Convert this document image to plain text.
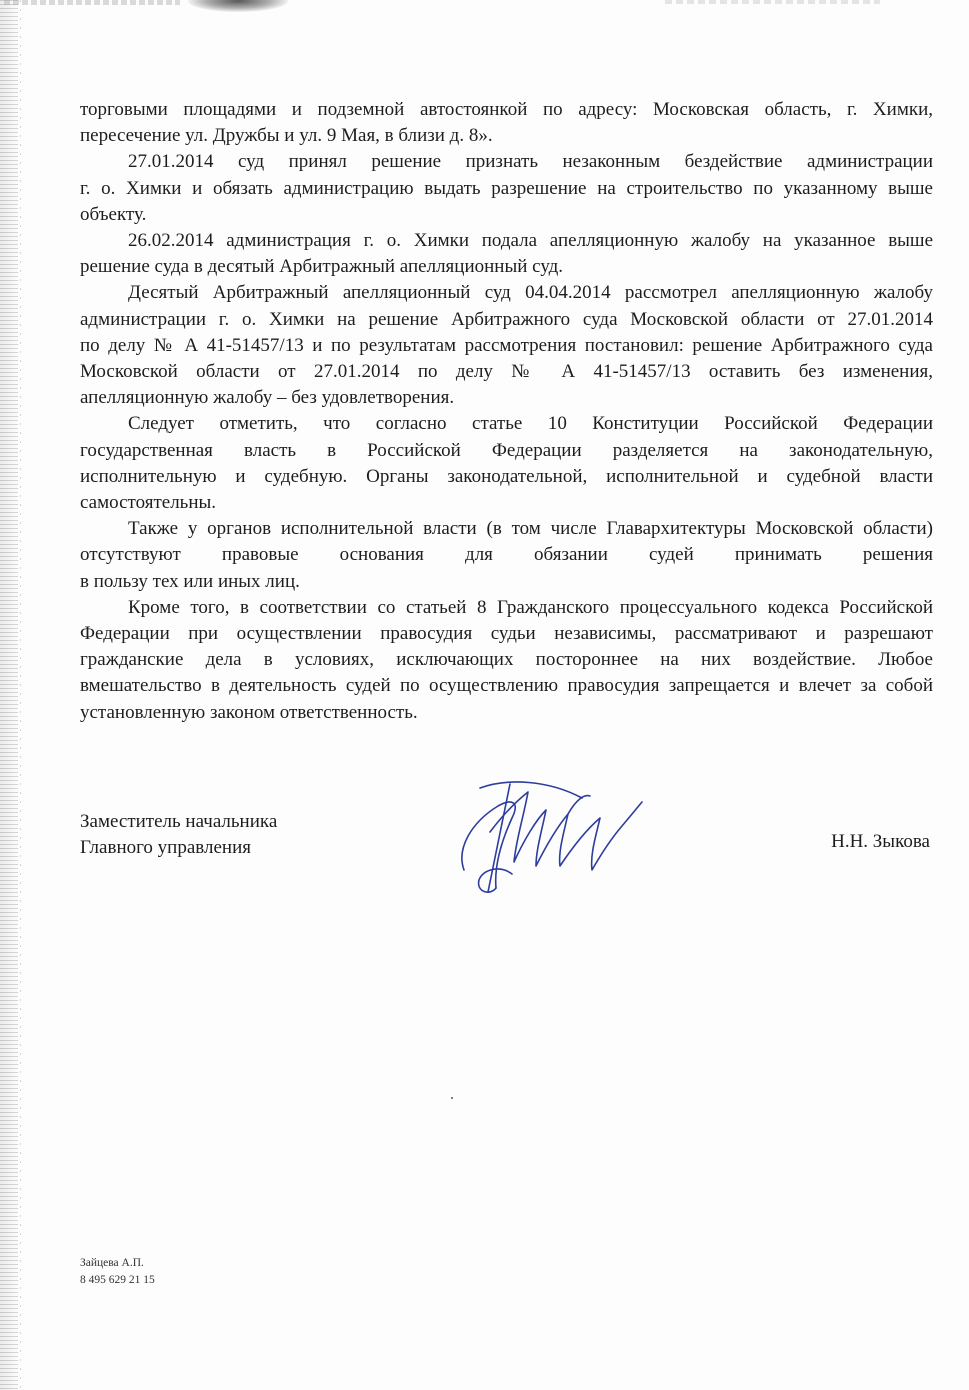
торговыми площадями и подземной автостоянкой по адресу: Московская область, г. Химки,
пересечение ул. Дружбы и ул. 9 Мая, в близи д. 8».
27.01.2014 суд принял решение признать незаконным бездействие администрации
г. о. Химки и обязать администрацию выдать разрешение на строительство по указанному выше
объекту.
26.02.2014 администрация г. о. Химки подала апелляционную жалобу на указанное выше
решение суда в десятый Арбитражный апелляционный суд.
Десятый Арбитражный апелляционный суд 04.04.2014 рассмотрел апелляционную жалобу
администрации г. о. Химки на решение Арбитражного суда Московской области от 27.01.2014
по делу № А 41-51457/13 и по результатам рассмотрения постановил: решение Арбитражного суда
Московской области от 27.01.2014 по делу № А 41-51457/13 оставить без изменения,
апелляционную жалобу – без удовлетворения.
Следует отметить, что согласно статье 10 Конституции Российской Федерации
государственная власть в Российской Федерации разделяется на законодательную,
исполнительную и судебную. Органы законодательной, исполнительной и судебной власти
самостоятельны.
Также у органов исполнительной власти (в том числе Главархитектуры Московской области)
отсутствуют правовые основания для обязании судей принимать решения
в пользу тех или иных лиц.
Кроме того, в соответствии со статьей 8 Гражданского процессуального кодекса Российской
Федерации при осуществлении правосудия судьи независимы, рассматривают и разрешают
гражданские дела в условиях, исключающих постороннее на них воздействие. Любое
вмешательство в деятельность судей по осуществлению правосудия запрещается и влечет за собой
установленную законом ответственность.
Заместитель начальника
Главного управления	Н.Н. Зыкова
Зайцева А.П.
8 495 629 21 15
